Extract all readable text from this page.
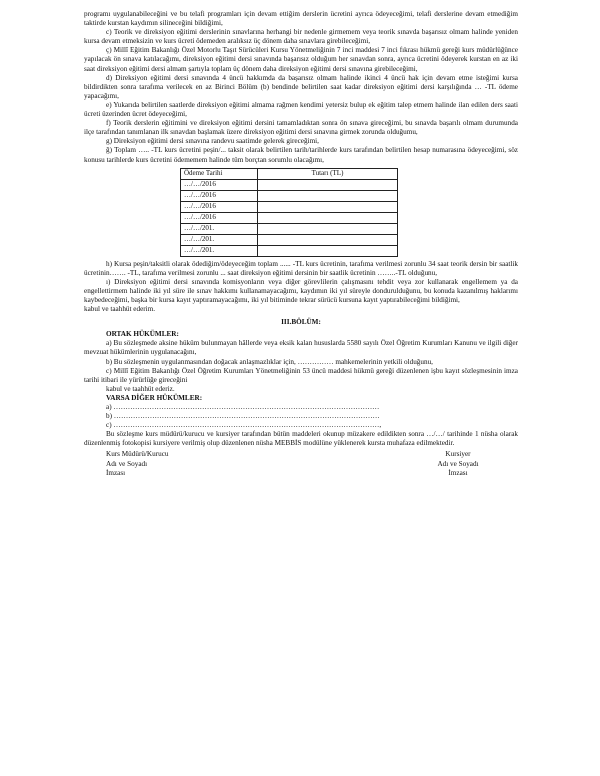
programı uygulanabileceğini ve bu telafi programları için devam ettiğim derslerin ücretini ayrıca ödeyeceğimi, telafi derslerine devam etmediğim taktirde kurstan kaydımın silineceğini bildiğimi,

c) Teorik ve direksiyon eğitimi derslerinin sınavlarına herhangi bir nedenle girmemem veya teorik sınavda başarısız olmam halinde yeniden kursa devam etmeksizin ve kurs ücreti ödemeden aralıksız üç dönem daha sınavlara girebileceğimi,

ç) Millî Eğitim Bakanlığı Özel Motorlu Taşıt Sürücüleri Kursu Yönetmeliğinin 7 inci maddesi 7 inci fıkrası hükmü gereği kurs müdürlüğünce yapılacak ön sınava katılacağımı, direksiyon eğitimi dersi sınavında başarısız olduğum her sınavdan sonra, ayrıca ücretini ödeyerek kurstan en az iki saat direksiyon eğitimi dersi almam şartıyla toplam üç dönem daha direksiyon eğitimi dersi sınavına girebileceğimi,

d) Direksiyon eğitimi dersi sınavında 4 üncü hakkımda da başarısız olmam halinde ikinci 4 üncü hak için devam etme isteğimi kursa bildirdikten sonra tarafıma verilecek en az Birinci Bölüm (b) bendinde belirtilen saat kadar direksiyon eğitimi dersi karşılığında … -TL ödeme yapacağımı,

e) Yukarıda belirtilen saatlerde direksiyon eğitimi almama rağmen kendimi yetersiz bulup ek eğitim talep etmem halinde ilan edilen ders saati ücreti üzerinden ücret ödeyeceğimi,

f) Teorik derslerin eğitimini ve direksiyon eğitimi dersini tamamladıktan sonra ön sınava gireceğimi, bu sınavda başarılı olmam durumunda ilçe tarafından tanımlanan ilk sınavdan başlamak üzere direksiyon eğitimi dersi sınavına girmek zorunda olduğumu,

g) Direksiyon eğitimi dersi sınavına randevu saatimde gelerek gireceğimi,

ğ) Toplam ….. -TL kurs ücretini peşin/... taksit olarak belirtilen tarih/tarihlerde kurs tarafından belirtilen hesap numarasına ödeyeceğimi, söz konusu tarihlerde kurs ücretini ödememem halinde tüm borçtan sorumlu olacağımı,

Ödeme Tarihi	Tutarı (TL)
…/…/2016	
…/…/2016	
…/…/2016	
…/…/2016	
…/…/201.	
…/…/201.	
…/…/201.	

h) Kursa peşin/taksitli olarak ödediğim/ödeyeceğim toplam ...... -TL kurs ücretinin, tarafıma verilmesi zorunlu 34 saat teorik dersin bir saatlik ücretinin……. -TL, tarafıma verilmesi zorunlu ... saat direksiyon eğitimi dersinin bir saatlik ücretinin ……..-TL olduğunu,

ı) Direksiyon eğitimi dersi sınavında komisyonların veya diğer görevlilerin çalışmasını tehdit veya zor kullanarak engellemem ya da engellettirmem halinde iki yıl süre ile sınav hakkımı kullanamayacağımı, kaydımın iki yıl süreyle dondurulduğunu, bu konuda kazanılmış haklarımı kaybedeceğimi, başka bir kursa kayıt yaptıramayacağımı, iki yıl bitiminde tekrar sürücü kursuna kayıt yaptırabileceğimi bildiğimi,

kabul ve taahhüt ederim.

III.BÖLÜM:
ORTAK HÜKÜMLER:

a) Bu sözleşmede aksine hüküm bulunmayan hâllerde veya eksik kalan hususlarda 5580 sayılı Özel Öğretim Kurumları Kanunu ve ilgili diğer mevzuat hükümlerinin uygulanacağını,

b) Bu sözleşmenin uygulanmasından doğacak anlaşmazlıklar için, …………… mahkemelerinin yetkili olduğunu,

c) Millî Eğitim Bakanlığı Özel Öğretim Kurumları Yönetmeliğinin 53 üncü maddesi hükmü gereği düzenlenen işbu kayıt sözleşmesinin imza tarihi itibari ile yürürlüğe gireceğini

kabul ve taahhüt ederiz.

VARSA DİĞER HÜKÜMLER:
a) …………………………………………………………………………………………………
b) …………………………………………………………………………………………………
c) …………………………………………………………………………………………………,

Bu sözleşme kurs müdürü/kurucu ve kursiyer tarafından bütün maddeleri okunup müzakere edildikten sonra …/…/ tarihinde 1 nüsha olarak düzenlenmiş fotokopisi kursiyere verilmiş olup düzenlenen nüsha MEBBİS modülüne yüklenerek kursta muhafaza edilmektedir.

Kurs Müdürü/Kurucu
Adı ve Soyadı
İmzası
Kursiyer
Adı ve Soyadı
İmzası
